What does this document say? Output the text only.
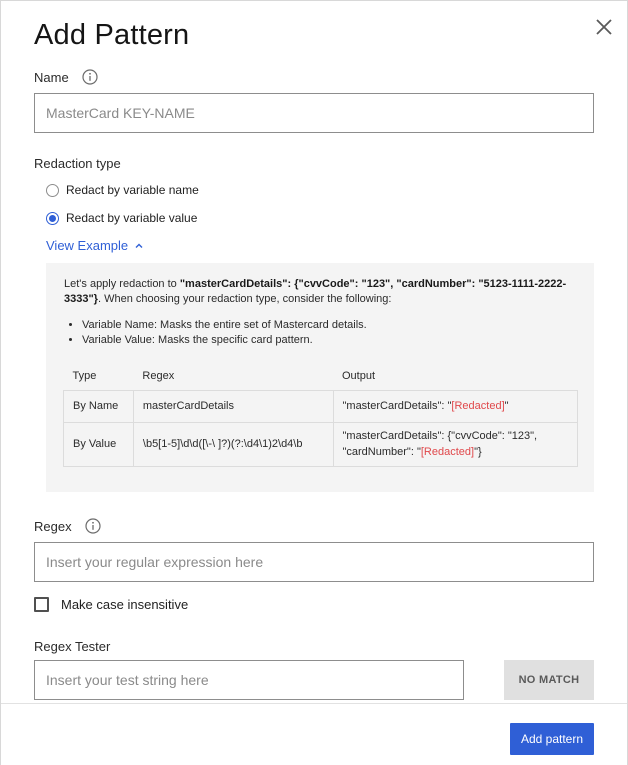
Add Pattern
Name
MasterCard KEY-NAME
Redaction type
Redact by variable name
Redact by variable value
View Example

Let's apply redaction to "masterCardDetails": {"cvvCode": "123", "cardNumber": "5123-1111-2222-3333"}. When choosing your redaction type, consider the following:

• Variable Name: Masks the entire set of Mastercard details.
• Variable Value: Masks the specific card pattern.
Type	Regex	Output
By Name	masterCardDetails	"masterCardDetails": "[Redacted]"
By Value	\b5[1-5]\d\d([\-\ ]?)(?:\d4\1)2\d4\b	"masterCardDetails": {"cvvCode": "123", "cardNumber": "[Redacted]"}
Regex
Insert your regular expression here
Make case insensitive
Regex Tester
Insert your test string here
NO MATCH
Add pattern
